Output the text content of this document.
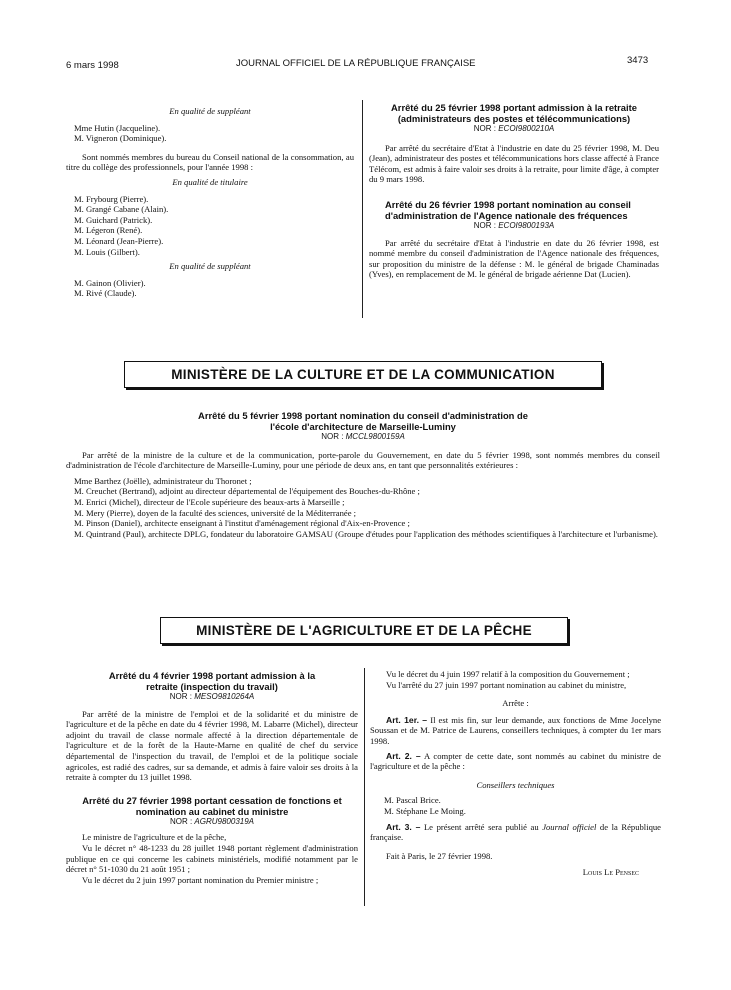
6 mars 1998	JOURNAL OFFICIEL DE LA RÉPUBLIQUE FRANÇAISE	3473

En qualité de suppléant

Mme Hutin (Jacqueline).

M. Vigneron (Dominique).

Sont nommés membres du bureau du Conseil national de la consommation, au titre du collège des professionnels, pour l'année 1998 :

En qualité de titulaire

M. Frybourg (Pierre).

M. Grangé Cabane (Alain).

M. Guichard (Patrick).

M. Légeron (René).

M. Léonard (Jean-Pierre).

M. Louis (Gilbert).

En qualité de suppléant

M. Gainon (Olivier).

M. Rivé (Claude).

Arrêté du 25 février 1998 portant admission à la retraite (administrateurs des postes et télécommunications)

NOR : ECOI9800210A

Par arrêté du secrétaire d'Etat à l'industrie en date du 25 février 1998, M. Deu (Jean), administrateur des postes et télécommunications hors classe affecté à France Télécom, est admis à faire valoir ses droits à la retraite, pour limite d'âge, à compter du 9 mars 1998.

Arrêté du 26 février 1998 portant nomination au conseil d'administration de l'Agence nationale des fréquences

NOR : ECOI9800193A

Par arrêté du secrétaire d'Etat à l'industrie en date du 26 février 1998, est nommé membre du conseil d'administration de l'Agence nationale des fréquences, sur proposition du ministre de la défense : M. le général de brigade Chaminadas (Yves), en remplacement de M. le général de brigade aérienne Dat (Lucien).

MINISTÈRE DE LA CULTURE ET DE LA COMMUNICATION

Arrêté du 5 février 1998 portant nomination du conseil d'administration de l'école d'architecture de Marseille-Luminy

NOR : MCCL9800159A

Par arrêté de la ministre de la culture et de la communication, porte-parole du Gouvernement, en date du 5 février 1998, sont nommés membres du conseil d'administration de l'école d'architecture de Marseille-Luminy, pour une période de deux ans, en tant que personnalités extérieures :

Mme Barthez (Joëlle), administrateur du Thoronet ;

M. Creuchet (Bertrand), adjoint au directeur départemental de l'équipement des Bouches-du-Rhône ;

M. Enrici (Michel), directeur de l'Ecole supérieure des beaux-arts à Marseille ;

M. Mery (Pierre), doyen de la faculté des sciences, université de la Méditerranée ;

M. Pinson (Daniel), architecte enseignant à l'institut d'aménagement régional d'Aix-en-Provence ;

M. Quintrand (Paul), architecte DPLG, fondateur du laboratoire GAMSAU (Groupe d'études pour l'application des méthodes scientifiques à l'architecture et l'urbanisme).

MINISTÈRE DE L'AGRICULTURE ET DE LA PÊCHE

Arrêté du 4 février 1998 portant admission à la retraite (inspection du travail)

NOR : MESO9810264A

Par arrêté de la ministre de l'emploi et de la solidarité et du ministre de l'agriculture et de la pêche en date du 4 février 1998, M. Labarre (Michel), directeur adjoint du travail de classe normale affecté à la direction départementale de l'agriculture et de la forêt de la Haute-Marne en qualité de chef du service départemental de l'inspection du travail, de l'emploi et de la politique sociale agricoles, est radié des cadres, sur sa demande, et admis à faire valoir ses droits à la retraite à compter du 13 juillet 1998.

Arrêté du 27 février 1998 portant cessation de fonctions et nomination au cabinet du ministre

NOR : AGRU9800319A

Le ministre de l'agriculture et de la pêche,

Vu le décret n° 48-1233 du 28 juillet 1948 portant règlement d'administration publique en ce qui concerne les cabinets ministériels, modifié notamment par le décret n° 51-1030 du 21 août 1951 ;

Vu le décret du 2 juin 1997 portant nomination du Premier ministre ;

Vu le décret du 4 juin 1997 relatif à la composition du Gouvernement ;

Vu l'arrêté du 27 juin 1997 portant nomination au cabinet du ministre,

Arrête :

Art. 1er. – Il est mis fin, sur leur demande, aux fonctions de Mme Jocelyne Soussan et de M. Patrice de Laurens, conseillers techniques, à compter du 1er mars 1998.

Art. 2. – A compter de cette date, sont nommés au cabinet du ministre de l'agriculture et de la pêche :

Conseillers techniques

M. Pascal Brice.

M. Stéphane Le Moing.

Art. 3. – Le présent arrêté sera publié au Journal officiel de la République française.

Fait à Paris, le 27 février 1998.

Louis Le Pensec
